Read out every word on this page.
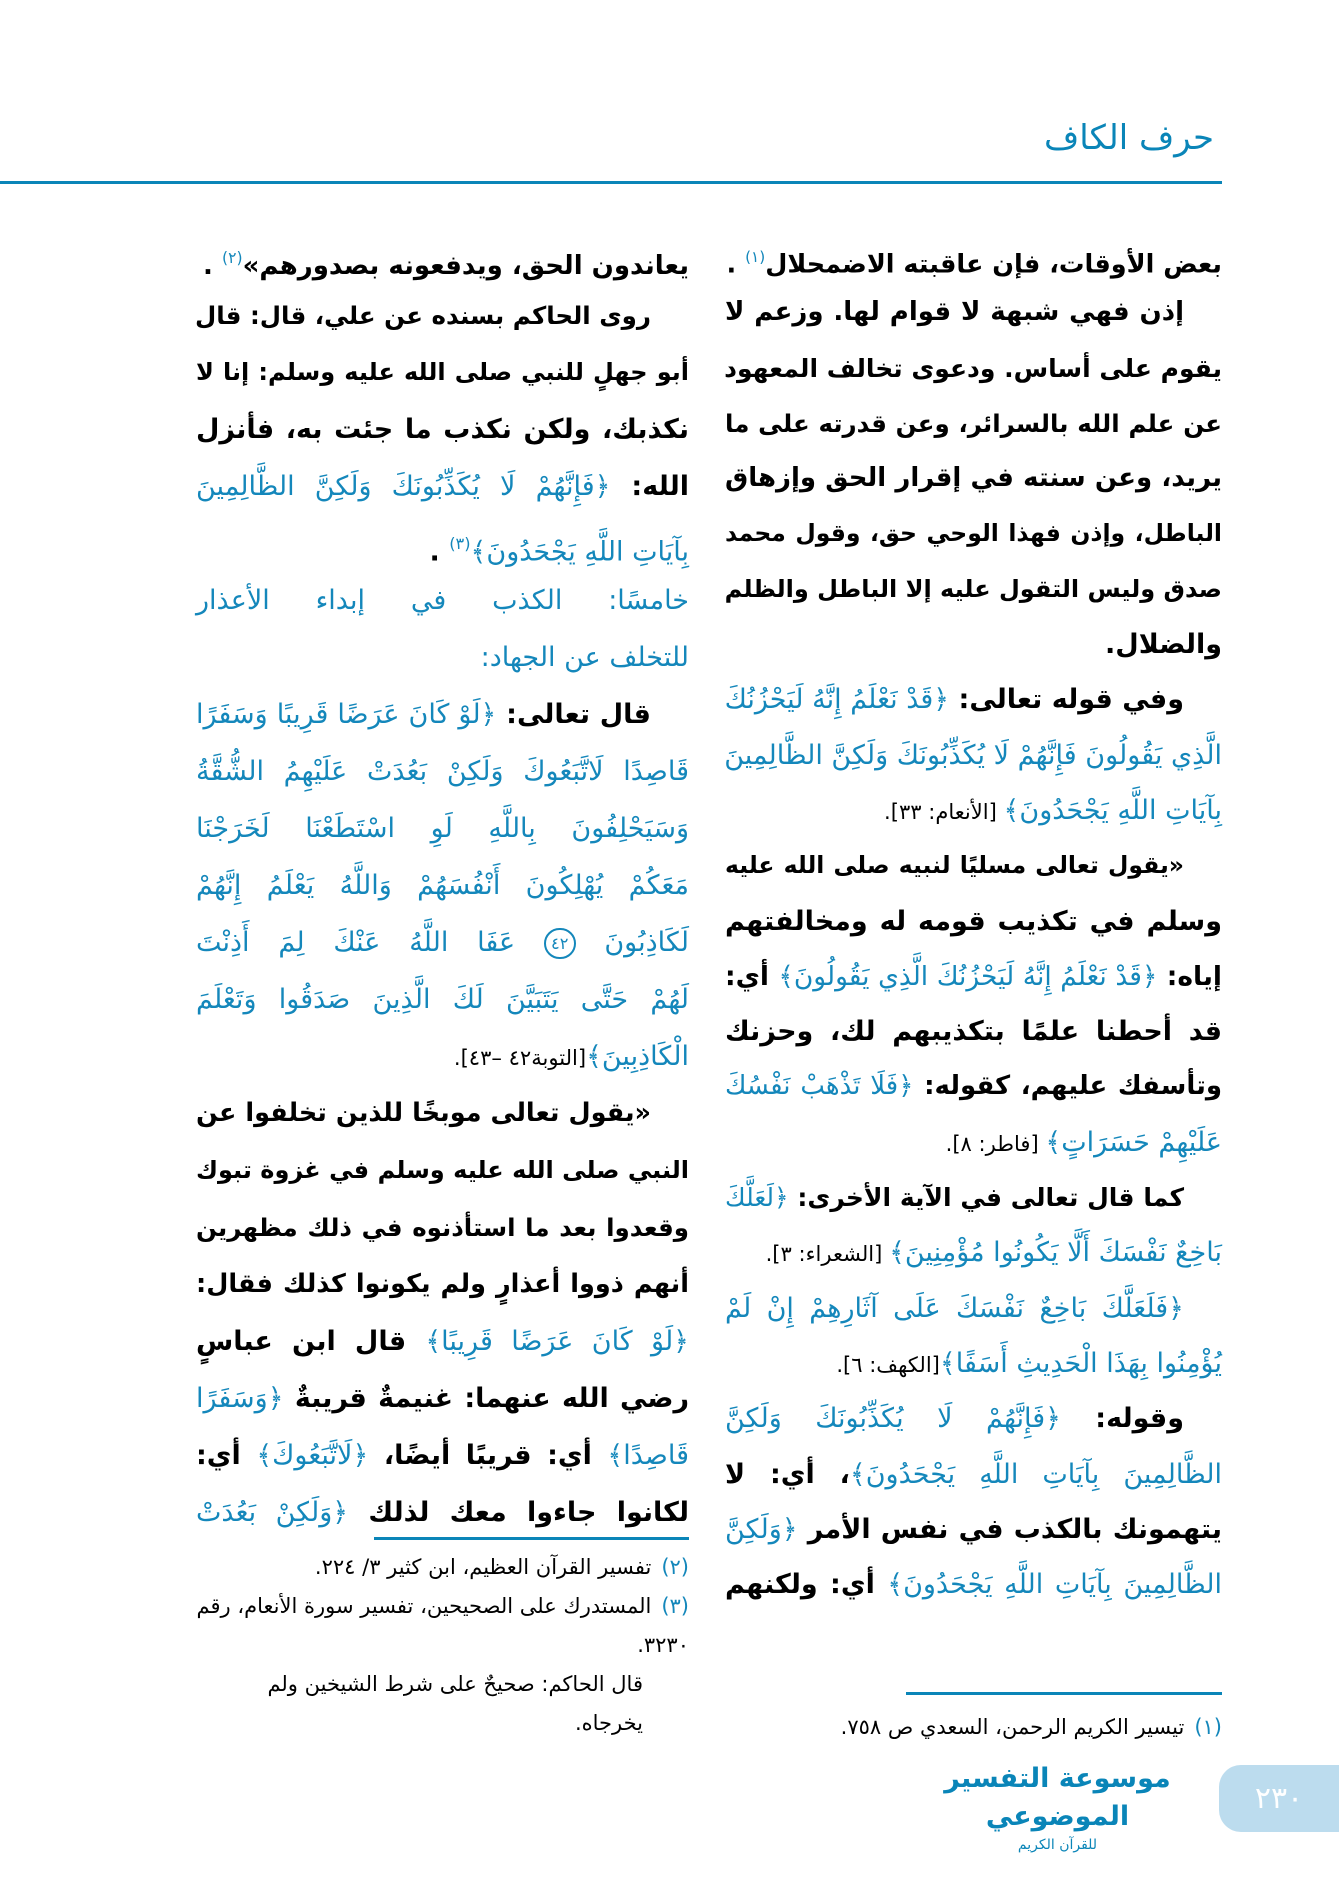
حرف الكاف
بعض الأوقات، فإن عاقبته الاضمحلال$^{(١)}$ .
إذن فهي شبهة لا قوام لها. وزعم لا
يقوم على أساس. ودعوى تخالف المعهود
عن علم الله بالسرائر، وعن قدرته على ما
يريد، وعن سنته في إقرار الحق وإزهاق
الباطل، وإذن فهذا الوحي حق، وقول محمد
صدق وليس التقول عليه إلا الباطل والظلم
والضلال.
وفي قوله تعالى: ﴿قَدْ نَعْلَمُ إِنَّهُ لَيَحْزُنُكَ
الَّذِي يَقُولُونَ فَإِنَّهُمْ لَا يُكَذِّبُونَكَ وَلَكِنَّ الظَّالِمِينَ
بِآيَاتِ اللَّهِ يَجْحَدُونَ﴾ [الأنعام: ٣٣].
«يقول تعالى مسليًا لنبيه صلى الله عليه
وسلم في تكذيب قومه له ومخالفتهم
إياه: ﴿قَدْ نَعْلَمُ إِنَّهُ لَيَحْزُنُكَ الَّذِي يَقُولُونَ﴾ أي:
قد أحطنا علمًا بتكذيبهم لك، وحزنك
وتأسفك عليهم، كقوله: ﴿فَلَا تَذْهَبْ نَفْسُكَ
عَلَيْهِمْ حَسَرَاتٍ﴾ [فاطر: ٨].
كما قال تعالى في الآية الأخرى: ﴿لَعَلَّكَ
بَاخِعٌ نَفْسَكَ أَلَّا يَكُونُوا مُؤْمِنِينَ﴾ [الشعراء: ٣].
﴿فَلَعَلَّكَ بَاخِعٌ نَفْسَكَ عَلَى آثَارِهِمْ إِنْ لَمْ
يُؤْمِنُوا بِهَذَا الْحَدِيثِ أَسَفًا﴾[الكهف: ٦].
وقوله: ﴿فَإِنَّهُمْ لَا يُكَذِّبُونَكَ وَلَكِنَّ
الظَّالِمِينَ بِآيَاتِ اللَّهِ يَجْحَدُونَ﴾، أي: لا
يتهمونك بالكذب في نفس الأمر ﴿وَلَكِنَّ
الظَّالِمِينَ بِآيَاتِ اللَّهِ يَجْحَدُونَ﴾ أي: ولكنهم
يعاندون الحق، ويدفعونه بصدورهم»$^{(٢)}$ .
روى الحاكم بسنده عن علي، قال: قال
أبو جهلٍ للنبي صلى الله عليه وسلم: إنا لا
نكذبك، ولكن نكذب ما جئت به، فأنزل
الله: ﴿فَإِنَّهُمْ لَا يُكَذِّبُونَكَ وَلَكِنَّ الظَّالِمِينَ
بِآيَاتِ اللَّهِ يَجْحَدُونَ﴾$^{(٣)}$ .
خامسًا: الكذب في إبداء الأعذار
للتخلف عن الجهاد:
قال تعالى: ﴿لَوْ كَانَ عَرَضًا قَرِيبًا وَسَفَرًا
قَاصِدًا لَاتَّبَعُوكَ وَلَكِنْ بَعُدَتْ عَلَيْهِمُ الشُّقَّةُ
وَسَيَحْلِفُونَ بِاللَّهِ لَوِ اسْتَطَعْنَا لَخَرَجْنَا
مَعَكُمْ يُهْلِكُونَ أَنْفُسَهُمْ وَاللَّهُ يَعْلَمُ إِنَّهُمْ
لَكَاذِبُونَ ٤٢ عَفَا اللَّهُ عَنْكَ لِمَ أَذِنْتَ
لَهُمْ حَتَّى يَتَبَيَّنَ لَكَ الَّذِينَ صَدَقُوا وَتَعْلَمَ
الْكَاذِبِينَ﴾[التوبة٤٢ –٤٣].
«يقول تعالى موبخًا للذين تخلفوا عن
النبي صلى الله عليه وسلم في غزوة تبوك
وقعدوا بعد ما استأذنوه في ذلك مظهرين
أنهم ذووا أعذارٍ ولم يكونوا كذلك فقال:
﴿لَوْ كَانَ عَرَضًا قَرِيبًا﴾ قال ابن عباسٍ
رضي الله عنهما: غنيمةٌ قريبةٌ ﴿وَسَفَرًا
قَاصِدًا﴾ أي: قريبًا أيضًا، ﴿لَاتَّبَعُوكَ﴾ أي:
لكانوا جاءوا معك لذلك ﴿وَلَكِنْ بَعُدَتْ

(١)تيسير الكريم الرحمن، السعدي ص ٧٥٨.

(٢)تفسير القرآن العظيم، ابن كثير ٣/ ٢٢٤.

(٣)المستدرك على الصحيحين، تفسير سورة الأنعام، رقم ٣٢٣٠.

قال الحاكم: صحيحٌ على شرط الشيخين ولم يخرجاه.

موسوعة التفسير الموضوعي
للقرآن الكريم
٢٣٠
